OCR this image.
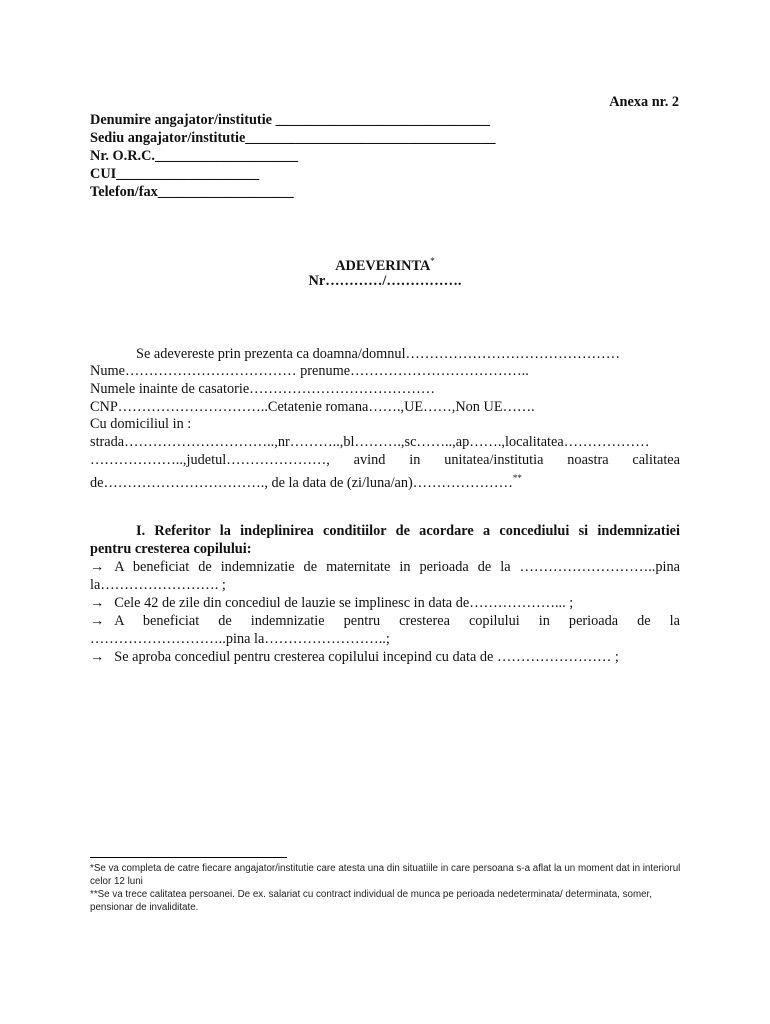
Anexa nr. 2
Denumire angajator/institutie ______________________________
Sediu angajator/institutie___________________________________
Nr. O.R.C.____________________
CUI____________________
Telefon/fax___________________
ADEVERINTA*
Nr…………/…………….
Se adevereste prin prezenta ca doamna/domnul………………………………………
Nume……………………………… prenume………………………………..
Numele inainte de casatorie…………………………………
CNP…………………………..Cetatenie romana…….,UE……,Non UE…….
Cu domiciliul in :
strada…………………………..,nr………..,bl……….,sc……..,ap…….,localitatea………………
………………..,judetul…………………, avind in unitatea/institutia noastra calitatea
de……………………………., de la data de (zi/luna/an)…………………**
I. Referitor la indeplinirea conditiilor de acordare a concediului si indemnizatiei
pentru cresterea copilului:
→ A beneficiat de indemnizatie de maternitate in perioada de la ………………………..pina
la……………………. ;
→ Cele 42 de zile din concediul de lauzie se implinesc in data de………………... ;
→ A beneficiat de indemnizatie pentru cresterea copilului in perioada de la
………………………..pina la……………………..;
→ Se aproba concediul pentru cresterea copilului incepind cu data de …………………… ;
*Se va completa de catre fiecare angajator/institutie care atesta una din situatiile in care persoana s-a aflat la un moment dat in interiorul celor 12 luni
**Se va trece calitatea persoanei. De ex. salariat cu contract individual de munca pe perioada nedeterminata/ determinata, somer, pensionar de invaliditate.
